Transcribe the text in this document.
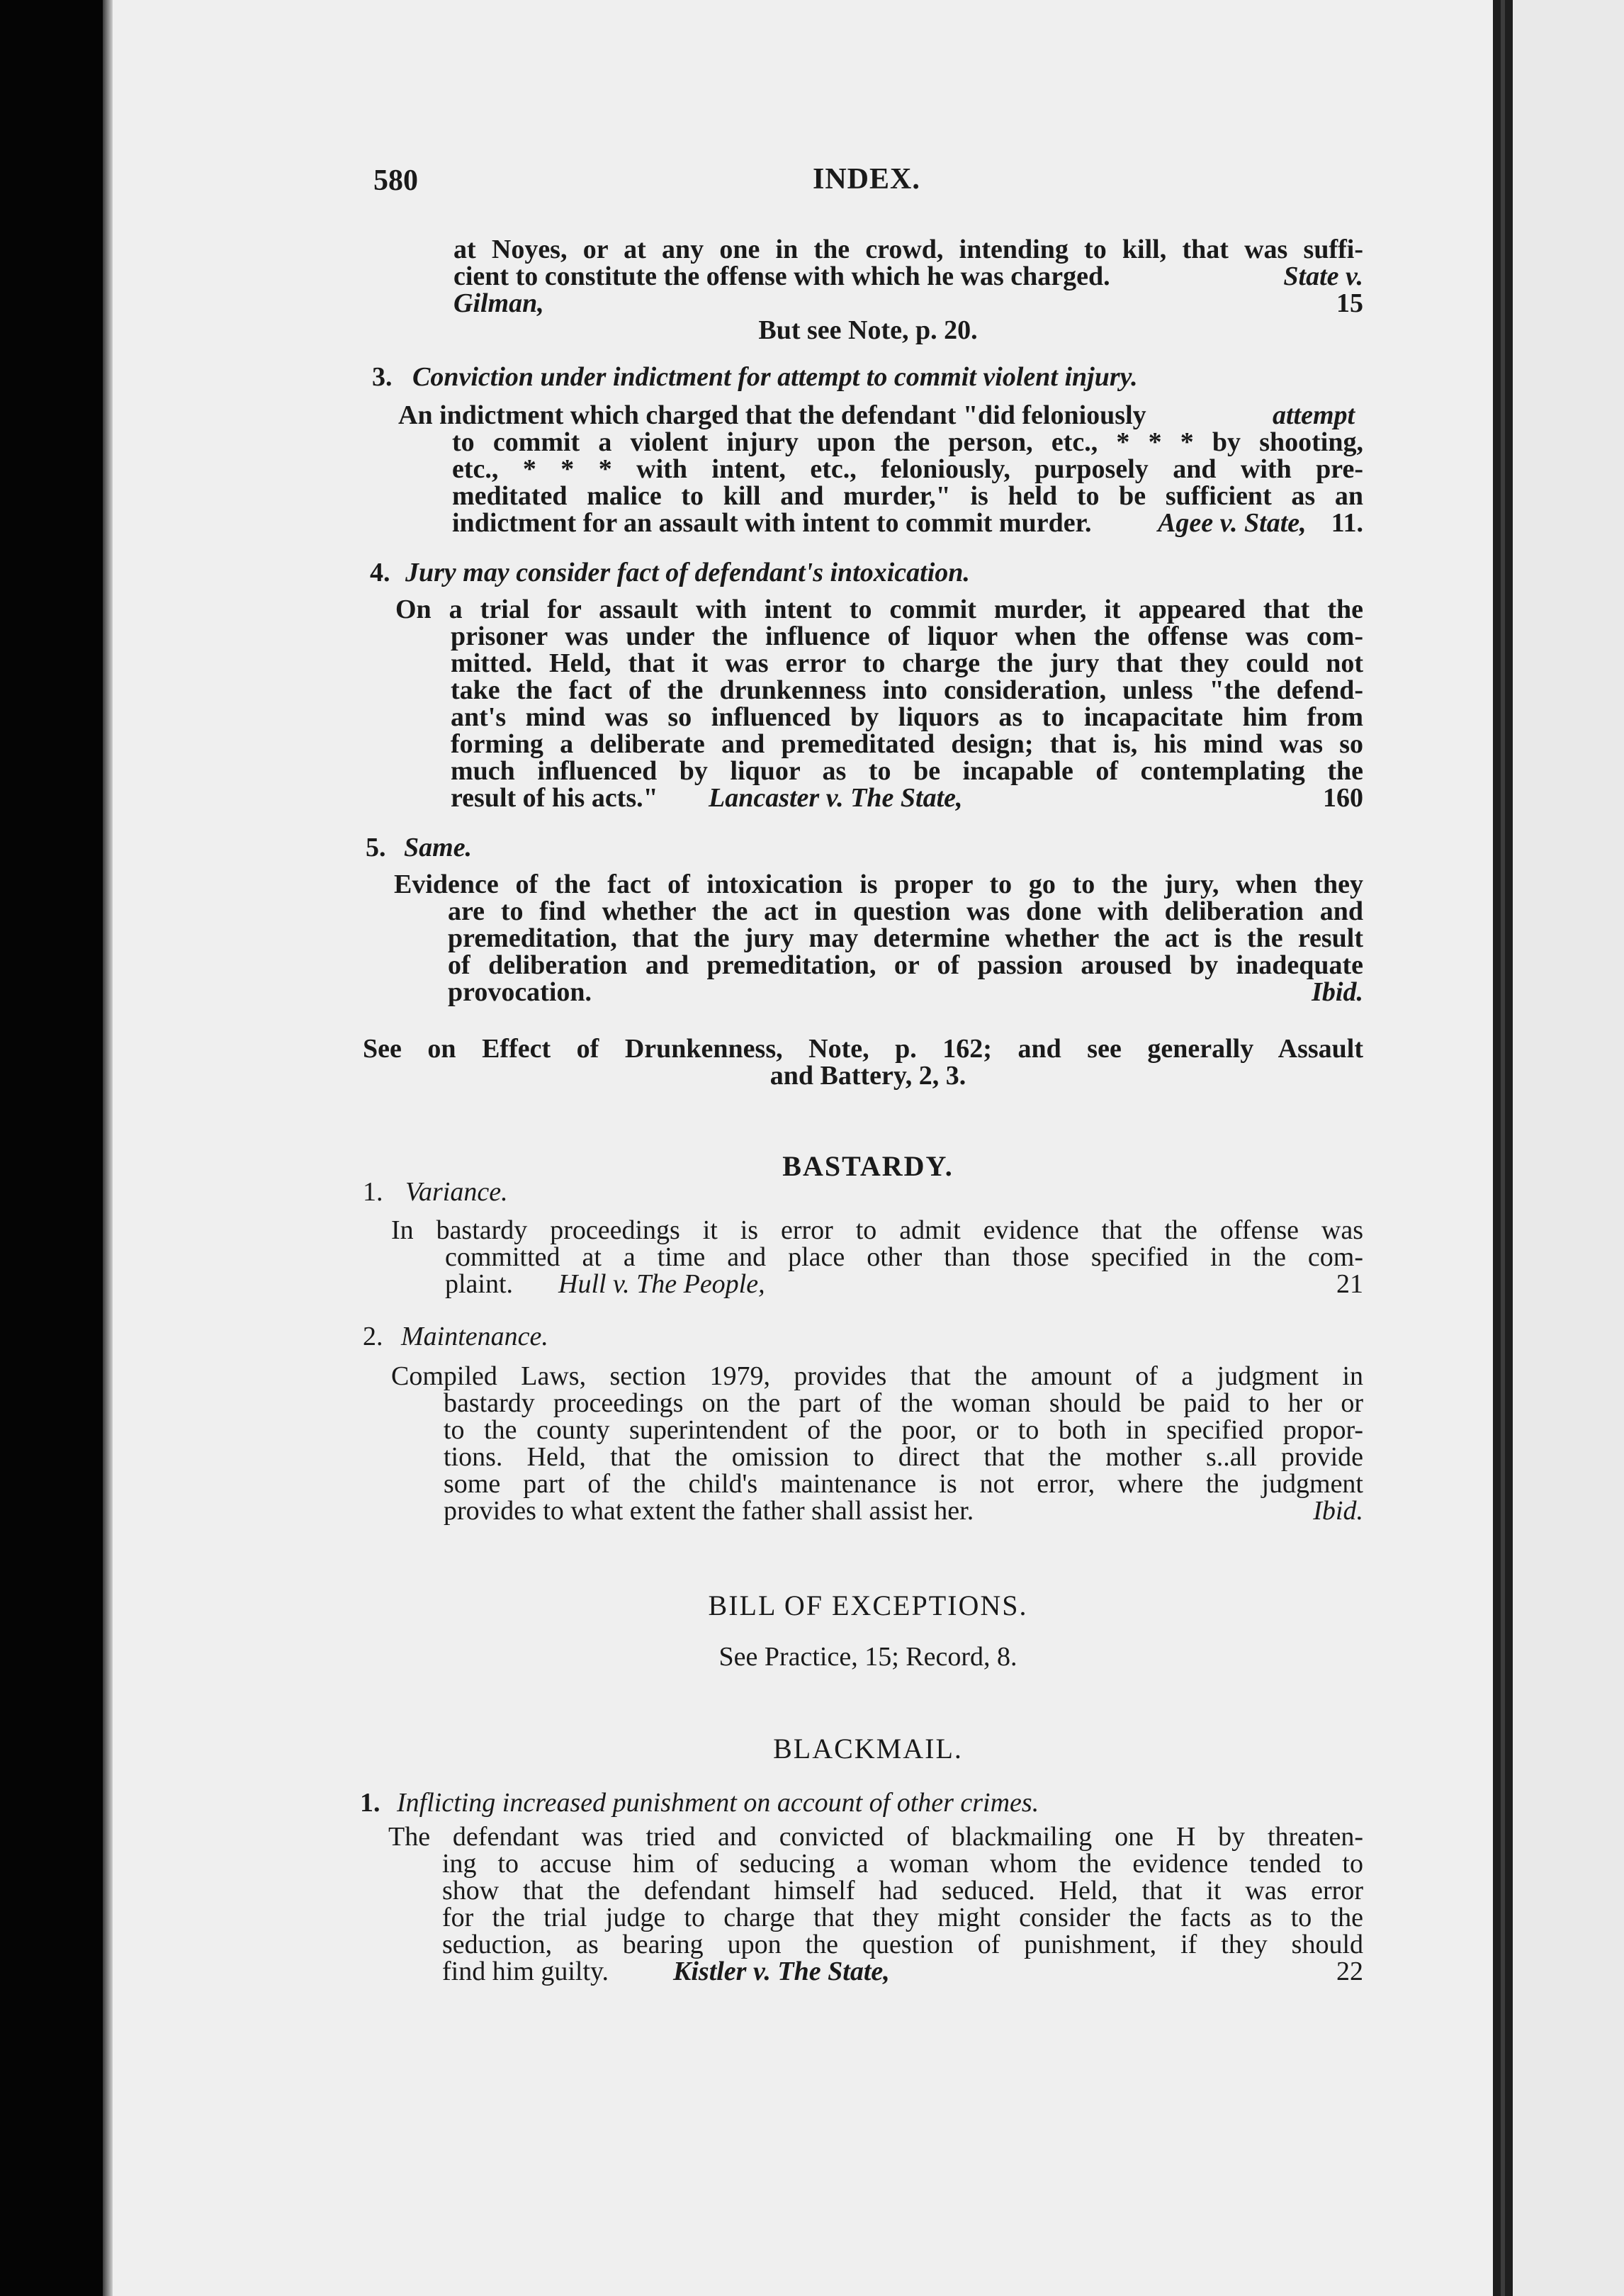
580	INDEX.
at Noyes, or at any one in the crowd, intending to kill, that was suffi-
cient to constitute the offense with which he was charged.	State v.
Gilman,	15
But see Note, p. 20.
3. Conviction under indictment for attempt to commit violent injury.
An indictment which charged that the defendant "did feloniously	attempt
to commit a violent injury upon the person, etc., * * * by shooting,
etc., * * * with intent, etc., feloniously, purposely and with pre-
meditated malice to kill and murder," is held to be sufficient as an
indictment for an assault with intent to commit murder. Agee v. State, 11.
4. Jury may consider fact of defendant's intoxication.
On a trial for assault with intent to commit murder, it appeared that the
prisoner was under the influence of liquor when the offense was com-
mitted. Held, that it was error to charge the jury that they could not
take the fact of the drunkenness into consideration, unless "the defend-
ant's mind was so influenced by liquors as to incapacitate him from
forming a deliberate and premeditated design; that is, his mind was so
much influenced by liquor as to be incapable of contemplating the
result of his acts." Lancaster v. The State,	160
5. Same.
Evidence of the fact of intoxication is proper to go to the jury, when they
are to find whether the act in question was done with deliberation and
premeditation, that the jury may determine whether the act is the result
of deliberation and premeditation, or of passion aroused by inadequate
provocation.	Ibid.
See on Effect of Drunkenness, Note, p. 162; and see generally Assault
and Battery, 2, 3.
BASTARDY.
1. Variance.
In bastardy proceedings it is error to admit evidence that the offense was
committed at a time and place other than those specified in the com-
plaint. Hull v. The People,	21
2. Maintenance.
Compiled Laws, section 1979, provides that the amount of a judgment in
bastardy proceedings on the part of the woman should be paid to her or
to the county superintendent of the poor, or to both in specified propor-
tions. Held, that the omission to direct that the mother s..all provide
some part of the child's maintenance is not error, where the judgment
provides to what extent the father shall assist her.	Ibid.
BILL OF EXCEPTIONS.
See Practice, 15; Record, 8.
BLACKMAIL.
1. Inflicting increased punishment on account of other crimes.
The defendant was tried and convicted of blackmailing one H by threaten-
ing to accuse him of seducing a woman whom the evidence tended to
show that the defendant himself had seduced. Held, that it was error
for the trial judge to charge that they might consider the facts as to the
seduction, as bearing upon the question of punishment, if they should
find him guilty. Kistler v. The State,	22
